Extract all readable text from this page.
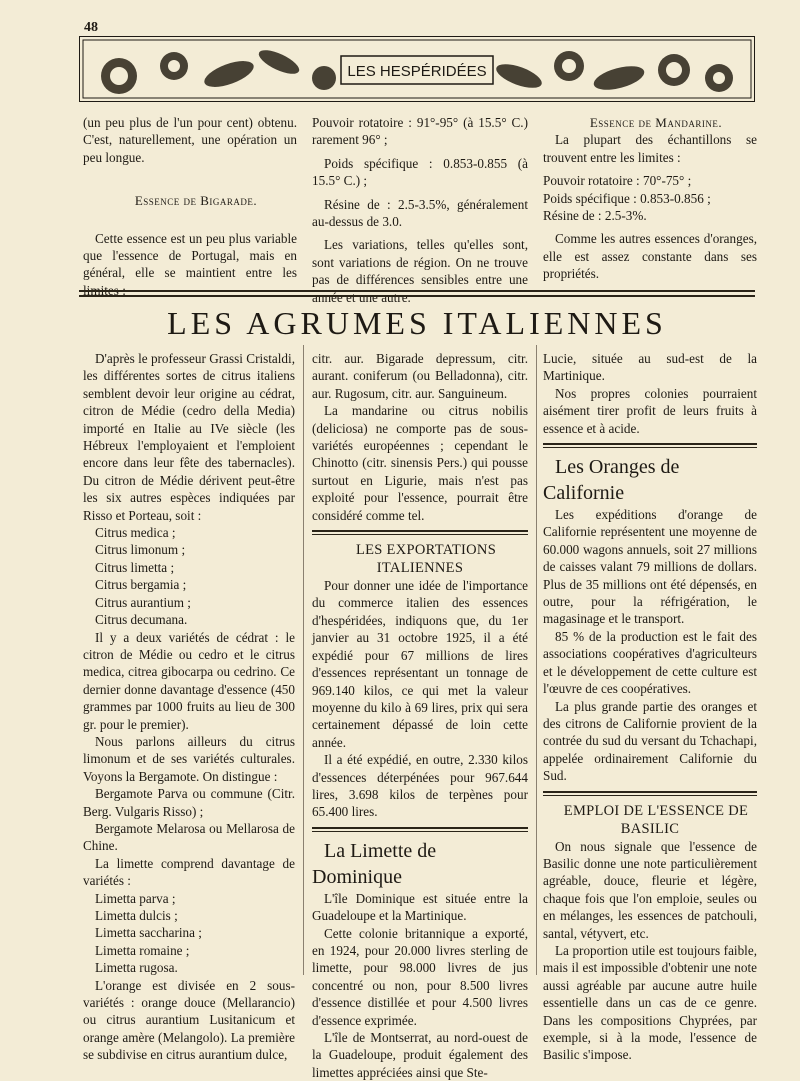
48
LES HESPÉRIDÉES

(un peu plus de l'un pour cent) obtenu. C'est, naturellement, une opération un peu longue.

Essence de Bigarade.

Cette essence est un peu plus variable que l'essence de Portugal, mais en général, elle se maintient entre les limites :

Pouvoir rotatoire : 91°-95° (à 15.5° C.) rarement 96° ;

Poids spécifique : 0.853-0.855 (à 15.5° C.) ;

Résine de : 2.5-3.5%, généralement au-dessus de 3.0.

Les variations, telles qu'elles sont, sont variations de région. On ne trouve pas de différences sensibles entre une année et une autre.

Essence de Mandarine.

La plupart des échantillons se trouvent entre les limites :

Pouvoir rotatoire : 70°-75° ;

Poids spécifique : 0.853-0.856 ;

Résine de : 2.5-3%.

Comme les autres essences d'oranges, elle est assez constante dans ses propriétés.

LES AGRUMES ITALIENNES

D'après le professeur Grassi Cristaldi, les différentes sortes de citrus italiens semblent devoir leur origine au cédrat, citron de Médie (cedro della Media) importé en Italie au IVe siècle (les Hébreux l'employaient et l'emploient encore dans leur fête des tabernacles). Du citron de Médie dérivent peut-être les six autres espèces indiquées par Risso et Porteau, soit :

Citrus medica ;

Citrus limonum ;

Citrus limetta ;

Citrus bergamia ;

Citrus aurantium ;

Citrus decumana.

Il y a deux variétés de cédrat : le citron de Médie ou cedro et le citrus medica, citrea gibocarpa ou cedrino. Ce dernier donne davantage d'essence (450 grammes par 1000 fruits au lieu de 300 gr. pour le premier).

Nous parlons ailleurs du citrus limonum et de ses variétés culturales. Voyons la Bergamote. On distingue :

Bergamote Parva ou commune (Citr. Berg. Vulgaris Risso) ;

Bergamote Melarosa ou Mellarosa de Chine.

La limette comprend davantage de variétés :

Limetta parva ;

Limetta dulcis ;

Limetta saccharina ;

Limetta romaine ;

Limetta rugosa.

L'orange est divisée en 2 sous-variétés : orange douce (Mellarancio) ou citrus aurantium Lusitanicum et orange amère (Melangolo). La première se subdivise en citrus aurantium dulce,

citr. aur. Bigarade depressum, citr. aurant. coniferum (ou Belladonna), citr. aur. Rugosum, citr. aur. Sanguineum.

La mandarine ou citrus nobilis (deliciosa) ne comporte pas de sous-variétés européennes ; cependant le Chinotto (citr. sinensis Pers.) qui pousse surtout en Ligurie, mais n'est pas exploité pour l'essence, pourrait être considéré comme tel.

LES EXPORTATIONS ITALIENNES

Pour donner une idée de l'importance du commerce italien des essences d'hespéridées, indiquons que, du 1er janvier au 31 octobre 1925, il a été expédié pour 67 millions de lires d'essences représentant un tonnage de 969.140 kilos, ce qui met la valeur moyenne du kilo à 69 lires, prix qui sera certainement dépassé de loin cette année.

Il a été expédié, en outre, 2.330 kilos d'essences déterpénées pour 967.644 lires, 3.698 kilos de terpènes pour 65.400 lires.

La Limette de Dominique

L'île Dominique est située entre la Guadeloupe et la Martinique.

Cette colonie britannique a exporté, en 1924, pour 20.000 livres sterling de limette, pour 98.000 livres de jus concentré ou non, pour 8.500 livres d'essence distillée et pour 4.500 livres d'essence exprimée.

L'île de Montserrat, au nord-ouest de la Guadeloupe, produit également des limettes appréciées ainsi que Ste-

Lucie, située au sud-est de la Martinique.

Nos propres colonies pourraient aisément tirer profit de leurs fruits à essence et à acide.

Les Oranges de Californie

Les expéditions d'orange de Californie représentent une moyenne de 60.000 wagons annuels, soit 27 millions de caisses valant 79 millions de dollars. Plus de 35 millions ont été dépensés, en outre, pour la réfrigération, le magasinage et le transport.

85 % de la production est le fait des associations coopératives d'agriculteurs et le développement de cette culture est l'œuvre de ces coopératives.

La plus grande partie des oranges et des citrons de Californie provient de la contrée du sud du versant du Tchachapi, appelée ordinairement Californie du Sud.

EMPLOI DE L'ESSENCE DE BASILIC

On nous signale que l'essence de Basilic donne une note particulièrement agréable, douce, fleurie et légère, chaque fois que l'on emploie, seules ou en mélanges, les essences de patchouli, santal, vétyvert, etc.

La proportion utile est toujours faible, mais il est impossible d'obtenir une note aussi agréable par aucune autre huile essentielle dans un cas de ce genre. Dans les compositions Chyprées, par exemple, si à la mode, l'essence de Basilic s'impose.
